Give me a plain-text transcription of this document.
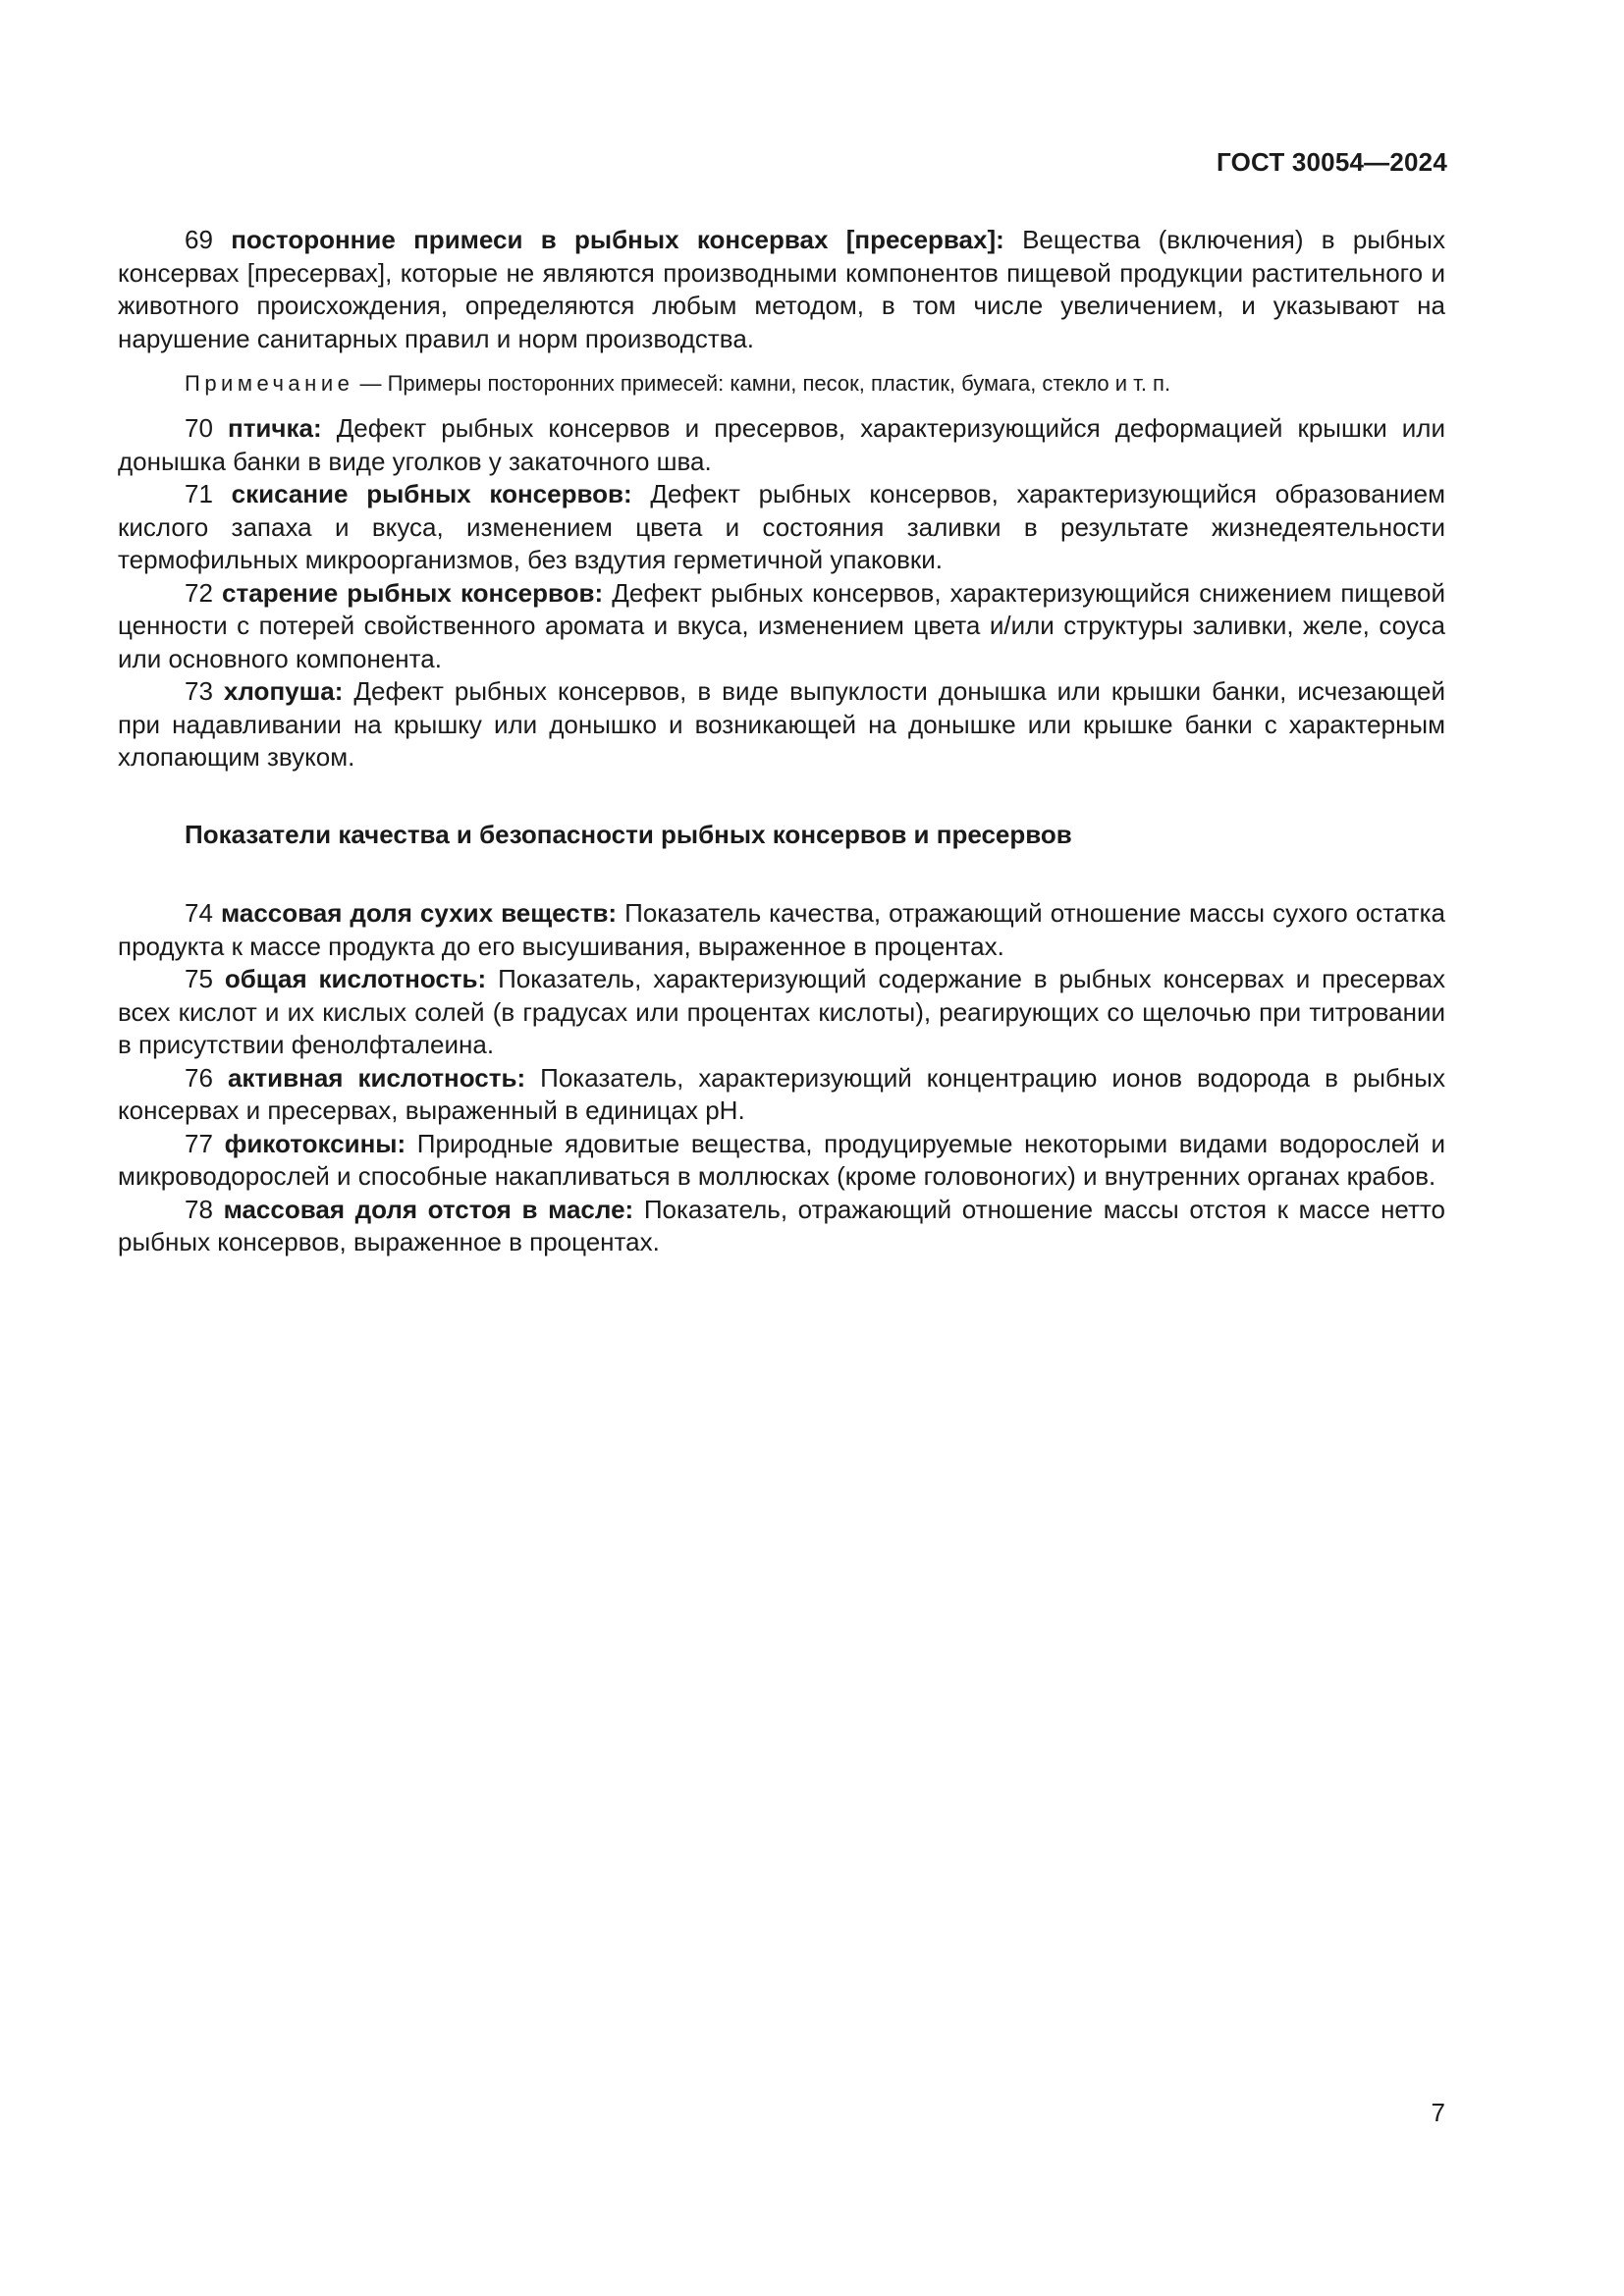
ГОСТ 30054—2024

69 посторонние примеси в рыбных консервах [пресервах]: Вещества (включения) в рыбных консервах [пресервах], которые не являются производными компонентов пищевой продукции растительного и животного происхождения, определяются любым методом, в том числе увеличением, и указывают на нарушение санитарных правил и норм производства.

Примечание — Примеры посторонних примесей: камни, песок, пластик, бумага, стекло и т. п.

70 птичка: Дефект рыбных консервов и пресервов, характеризующийся деформацией крышки или донышка банки в виде уголков у закаточного шва.

71 скисание рыбных консервов: Дефект рыбных консервов, характеризующийся образованием кислого запаха и вкуса, изменением цвета и состояния заливки в результате жизнедеятельности термофильных микроорганизмов, без вздутия герметичной упаковки.

72 старение рыбных консервов: Дефект рыбных консервов, характеризующийся снижением пищевой ценности с потерей свойственного аромата и вкуса, изменением цвета и/или структуры заливки, желе, соуса или основного компонента.

73 хлопуша: Дефект рыбных консервов, в виде выпуклости донышка или крышки банки, исчезающей при надавливании на крышку или донышко и возникающей на донышке или крышке банки с характерным хлопающим звуком.

Показатели качества и безопасности рыбных консервов и пресервов

74 массовая доля сухих веществ: Показатель качества, отражающий отношение массы сухого остатка продукта к массе продукта до его высушивания, выраженное в процентах.

75 общая кислотность: Показатель, характеризующий содержание в рыбных консервах и пресервах всех кислот и их кислых солей (в градусах или процентах кислоты), реагирующих со щелочью при титровании в присутствии фенолфталеина.

76 активная кислотность: Показатель, характеризующий концентрацию ионов водорода в рыбных консервах и пресервах, выраженный в единицах pH.

77 фикотоксины: Природные ядовитые вещества, продуцируемые некоторыми видами водорослей и микроводорослей и способные накапливаться в моллюсках (кроме головоногих) и внутренних органах крабов.

78 массовая доля отстоя в масле: Показатель, отражающий отношение массы отстоя к массе нетто рыбных консервов, выраженное в процентах.

7
